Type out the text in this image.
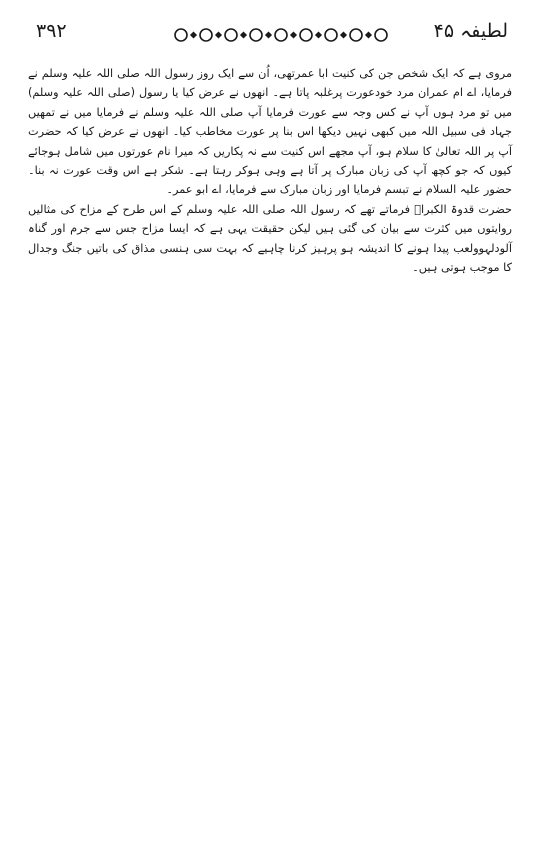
۳۹۲	لطیفہ ۴۵

مروی ہے کہ ایک شخص جن کی کنیت ابا عمرتھی، اُن سے ایک روز رسول اللہ صلی اللہ علیہ وسلم نے فرمایا، اے ام عمران مرد خودعورت پرغلبہ پاتا ہے۔ انھوں نے عرض کیا یا رسول (صلی اللہ علیہ وسلم) میں تو مرد ہوں آپ نے کس وجہ سے عورت فرمایا آپ صلی اللہ علیہ وسلم نے فرمایا میں نے تمھیں جہاد فی سبیل اللہ میں کبھی نہیں دیکھا اس بنا پر عورت مخاطب کیا۔ انھوں نے عرض کیا کہ حضرت آپ پر اللہ تعالیٰ کا سلام ہو، آپ مجھے اس کنیت سے نہ پکاریں کہ میرا نام عورتوں میں شامل ہوجائے کیوں کہ جو کچھ آپ کی زبان مبارک پر آتا ہے وہی ہوکر رہتا ہے۔ شکر ہے اس وقت عورت نہ بنا۔ حضور علیہ السلام نے تبسم فرمایا اور زبان مبارک سے فرمایا، اے ابو عمر۔

حضرت قدوۃ الکبراؒ فرماتے تھے کہ رسول اللہ صلی اللہ علیہ وسلم کے اس طرح کے مزاح کی مثالیں روایتوں میں کثرت سے بیان کی گئی ہیں لیکن حقیقت یہی ہے کہ ایسا مزاح جس سے جرم اور گناہ آلودلہوولعب پیدا ہونے کا اندیشہ ہو پرہیز کرنا چاہیے کہ بہت سی ہنسی مذاق کی باتیں جنگ وجدال کا موجب ہوتی ہیں۔
